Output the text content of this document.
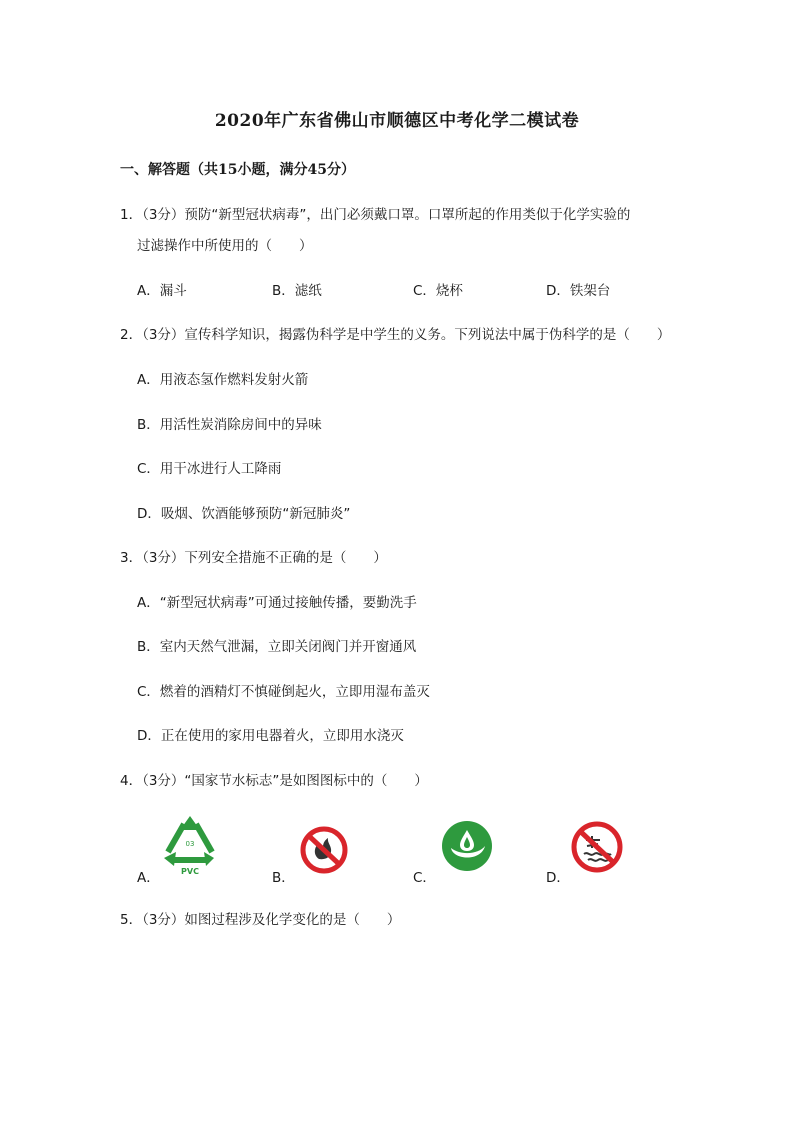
2020年广东省佛山市顺德区中考化学二模试卷
一、解答题（共15小题，满分45分）
1．（3分）预防“新型冠状病毒”，出门必须戴口罩。口罩所起的作用类似于化学实验的
过滤操作中所使用的（　　）
A．漏斗	B．滤纸	C．烧杯	D．铁架台
2．（3分）宣传科学知识，揭露伪科学是中学生的义务。下列说法中属于伪科学的是（　　）
A．用液态氢作燃料发射火箭
B．用活性炭消除房间中的异味
C．用干冰进行人工降雨
D．吸烟、饮酒能够预防“新冠肺炎”
3．（3分）下列安全措施不正确的是（　　）
A．“新型冠状病毒”可通过接触传播，要勤洗手
B．室内天然气泄漏，立即关闭阀门并开窗通风
C．燃着的酒精灯不慎碰倒起火，立即用湿布盖灭
D．正在使用的家用电器着火，立即用水浇灭
4．（3分）“国家节水标志”是如图图标中的（　　）
A．	B．	C．	D．
03
PVC
5．（3分）如图过程涉及化学变化的是（　　）
